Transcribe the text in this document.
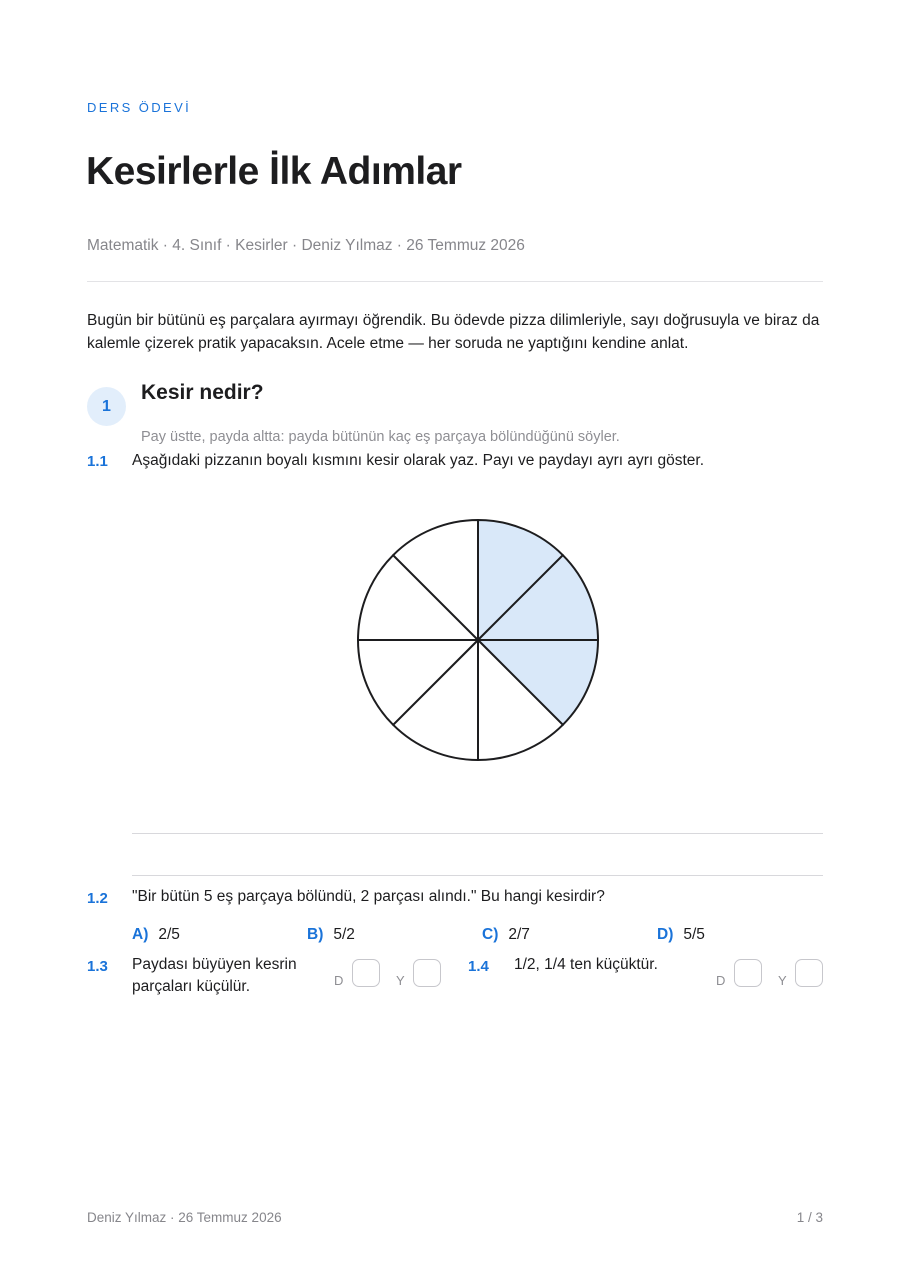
DERS ÖDEVİ
Kesirlerle İlk Adımlar
Matematik · 4. Sınıf · Kesirler · Deniz Yılmaz · 26 Temmuz 2026

Bugün bir bütünü eş parçalara ayırmayı öğrendik. Bu ödevde pizza dilimleriyle, sayı doğrusuyla ve biraz da kalemle çizerek pratik yapacaksın. Acele etme — her soruda ne yaptığını kendine anlat.

1
Kesir nedir?
Pay üstte, payda altta: payda bütünün kaç eş parçaya bölündüğünü söyler.
1.1 Aşağıdaki pizzanın boyalı kısmını kesir olarak yaz. Payı ve paydayı ayrı ayrı göster.
1.2 "Bir bütün 5 eş parçaya bölündü, 2 parçası alındı." Bu hangi kesirdir?
A) 2/5	B) 5/2	C) 2/7	D) 5/5
1.3 Paydası büyüyen kesrin parçaları küçülür.	D	Y
1.4 1/2, 1/4 ten küçüktür.
D	Y
Deniz Yılmaz · 26 Temmuz 2026	1 / 3
